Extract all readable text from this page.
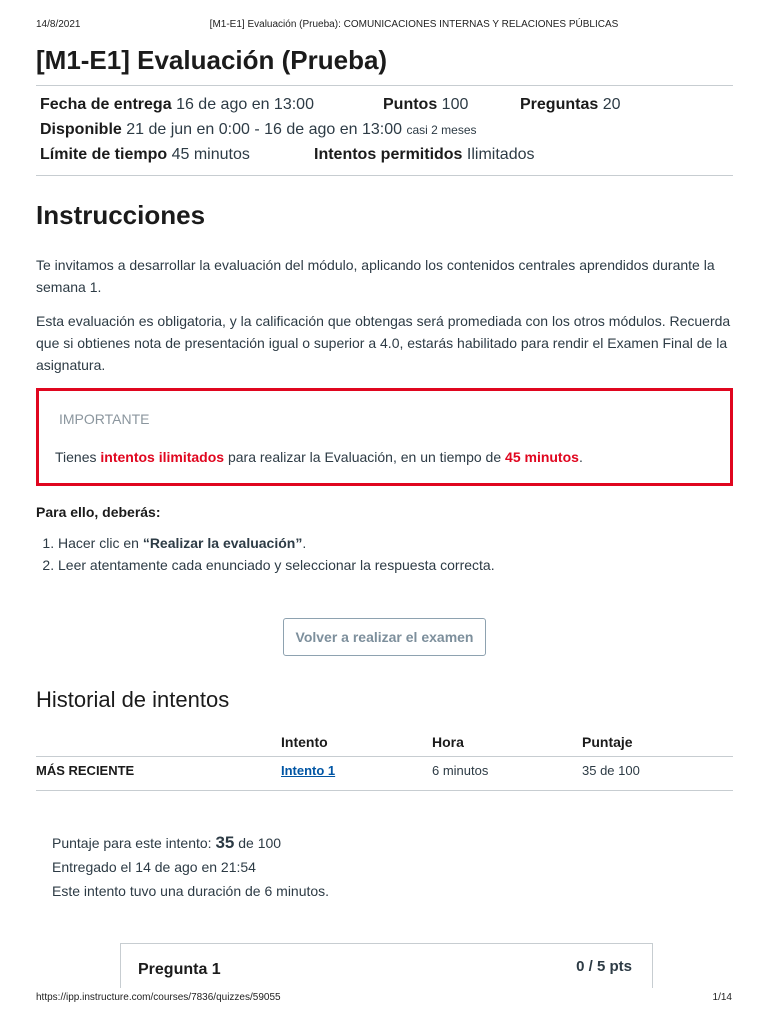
14/8/2021	[M1-E1] Evaluación (Prueba): COMUNICACIONES INTERNAS Y RELACIONES PÚBLICAS
[M1-E1] Evaluación (Prueba)
Fecha de entrega 16 de ago en 13:00	Puntos 100	Preguntas 20
Disponible 21 de jun en 0:00 - 16 de ago en 13:00 casi 2 meses
Límite de tiempo 45 minutos	Intentos permitidos Ilimitados
Instrucciones

Te invitamos a desarrollar la evaluación del módulo, aplicando los contenidos centrales aprendidos durante la semana 1.

Esta evaluación es obligatoria, y la calificación que obtengas será promediada con los otros módulos. Recuerda que si obtienes nota de presentación igual o superior a 4.0, estarás habilitado para rendir el Examen Final de la asignatura.

IMPORTANTE
Tienes intentos ilimitados para realizar la Evaluación, en un tiempo de 45 minutos.
Para ello, deberás:
1. Hacer clic en “Realizar la evaluación”.
2. Leer atentamente cada enunciado y seleccionar la respuesta correcta.
Volver a realizar el examen
Historial de intentos
	Intento	Hora	Puntaje
MÁS RECIENTE	Intento 1	6 minutos	35 de 100
Puntaje para este intento: 35 de 100
Entregado el 14 de ago en 21:54
Este intento tuvo una duración de 6 minutos.
Pregunta 1	0 / 5 pts
https://ipp.instructure.com/courses/7836/quizzes/59055	1/14
